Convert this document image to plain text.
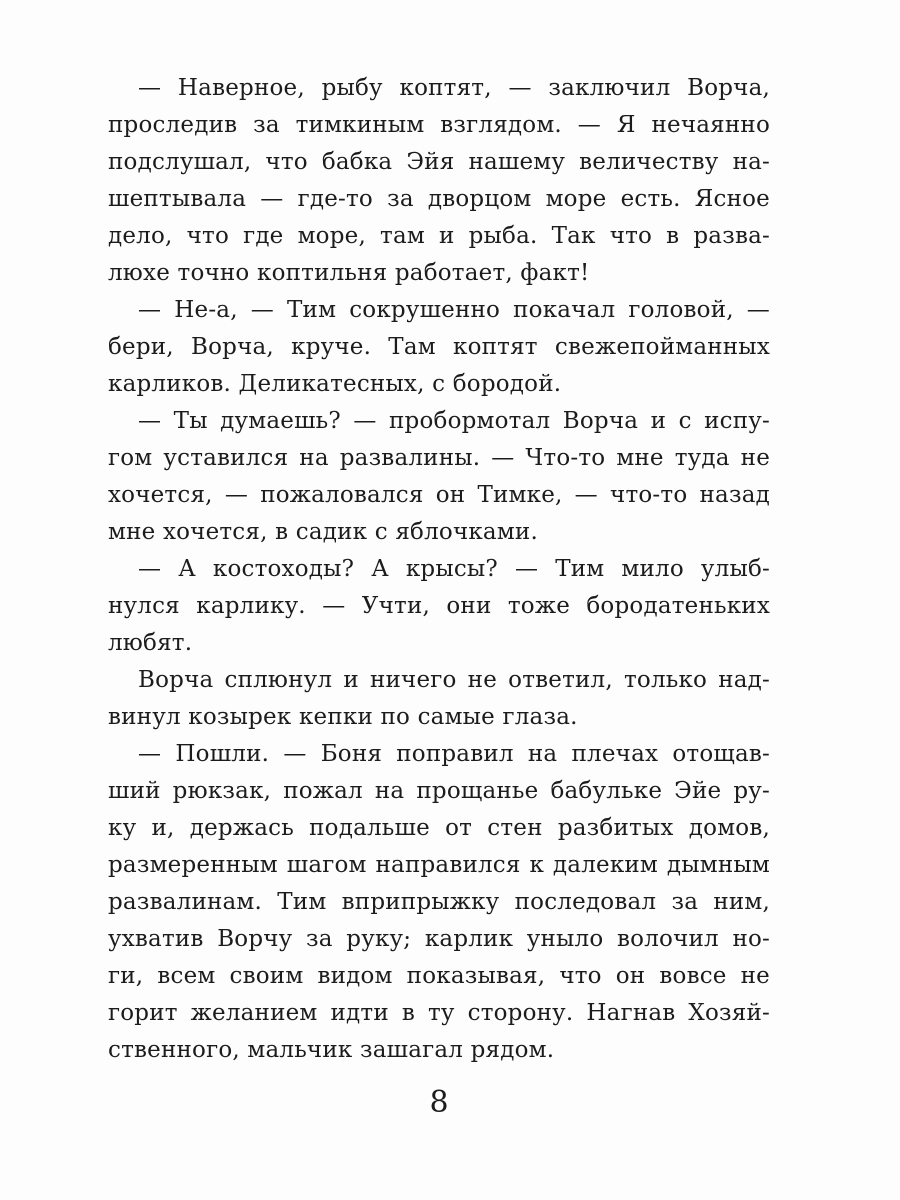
— Наверное, рыбу коптят, — заключил Ворча,
проследив за тимкиным взглядом. — Я нечаянно
подслушал, что бабка Эйя нашему величеству на-
шептывала — где-то за дворцом море есть. Ясное
дело, что где море, там и рыба. Так что в разва-
люхе точно коптильня работает, факт!
— Не-а, — Тим сокрушенно покачал головой, —
бери, Ворча, круче. Там коптят свежепойманных
карликов. Деликатесных, с бородой.
— Ты думаешь? — пробормотал Ворча и с испу-
гом уставился на развалины. — Что-то мне туда не
хочется, — пожаловался он Тимке, — что-то назад
мне хочется, в садик с яблочками.
— А костоходы? А крысы? — Тим мило улыб-
нулся карлику. — Учти, они тоже бородатеньких
любят.
Ворча сплюнул и ничего не ответил, только над-
винул козырек кепки по самые глаза.
— Пошли. — Боня поправил на плечах отощав-
ший рюкзак, пожал на прощанье бабульке Эйе ру-
ку и, держась подальше от стен разбитых домов,
размеренным шагом направился к далеким дымным
развалинам. Тим вприпрыжку последовал за ним,
ухватив Ворчу за руку; карлик уныло волочил но-
ги, всем своим видом показывая, что он вовсе не
горит желанием идти в ту сторону. Нагнав Хозяй-
ственного, мальчик зашагал рядом.
8
